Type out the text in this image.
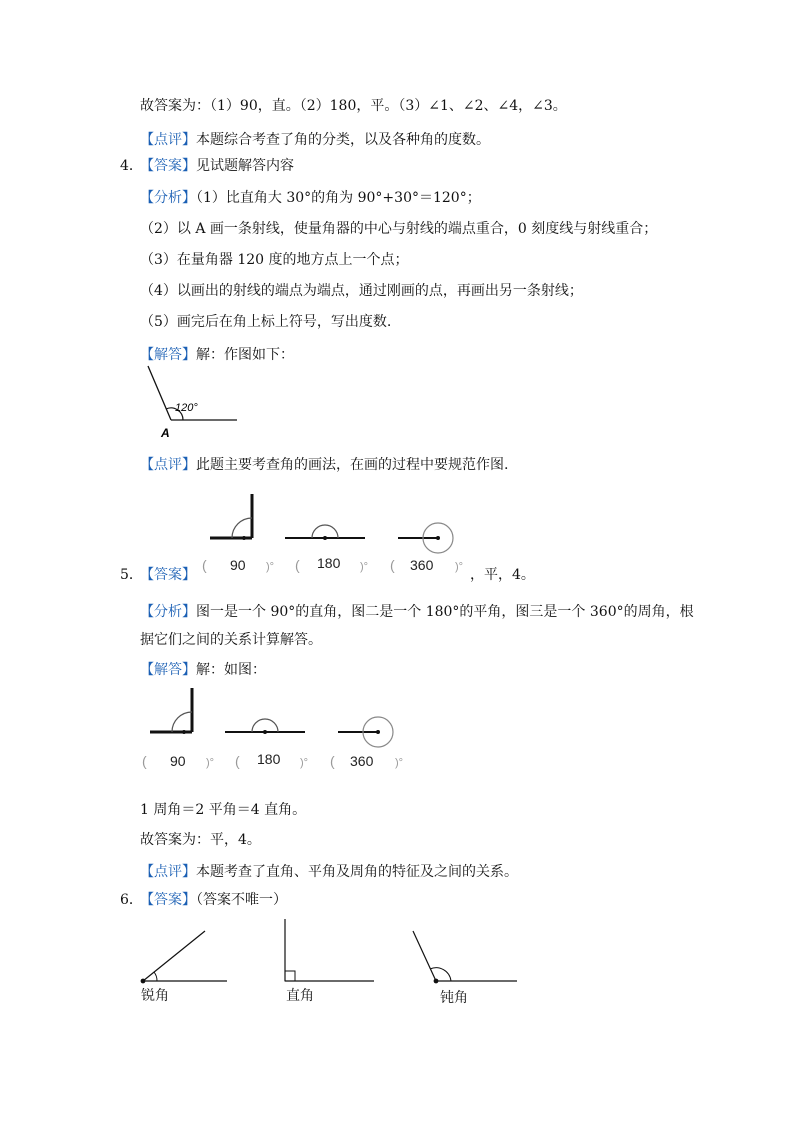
故答案为：（1）90，直。（2）180，平。（3）∠1、∠2、∠4，∠3。
【点评】本题综合考查了角的分类，以及各种角的度数。
4．
【答案】见试题解答内容
【分析】（1）比直角大 30°的角为 90°+30°＝120°；
（2）以 A 画一条射线，使量角器的中心与射线的端点重合，0 刻度线与射线重合；
（3）在量角器 120 度的地方点上一个点；
（4）以画出的射线的端点为端点，通过刚画的点，再画出另一条射线；
（5）画完后在角上标上符号，写出度数.
【解答】解：作图如下：
120°
A
【点评】此题主要考查角的画法，在画的过程中要规范作图.
( 90 )° ( 180 )° ( 360 )°
5．
【答案】	，平，4。
【分析】图一是一个 90°的直角，图二是一个 180°的平角，图三是一个 360°的周角，根
据它们之间的关系计算解答。
【解答】解：如图：
( 90 )° ( 180 )° ( 360 )°
1 周角＝2 平角＝4 直角。
故答案为：平，4。
【点评】本题考查了直角、平角及周角的特征及之间的关系。
6．
【答案】（答案不唯一）
锐角	直角	钝角
